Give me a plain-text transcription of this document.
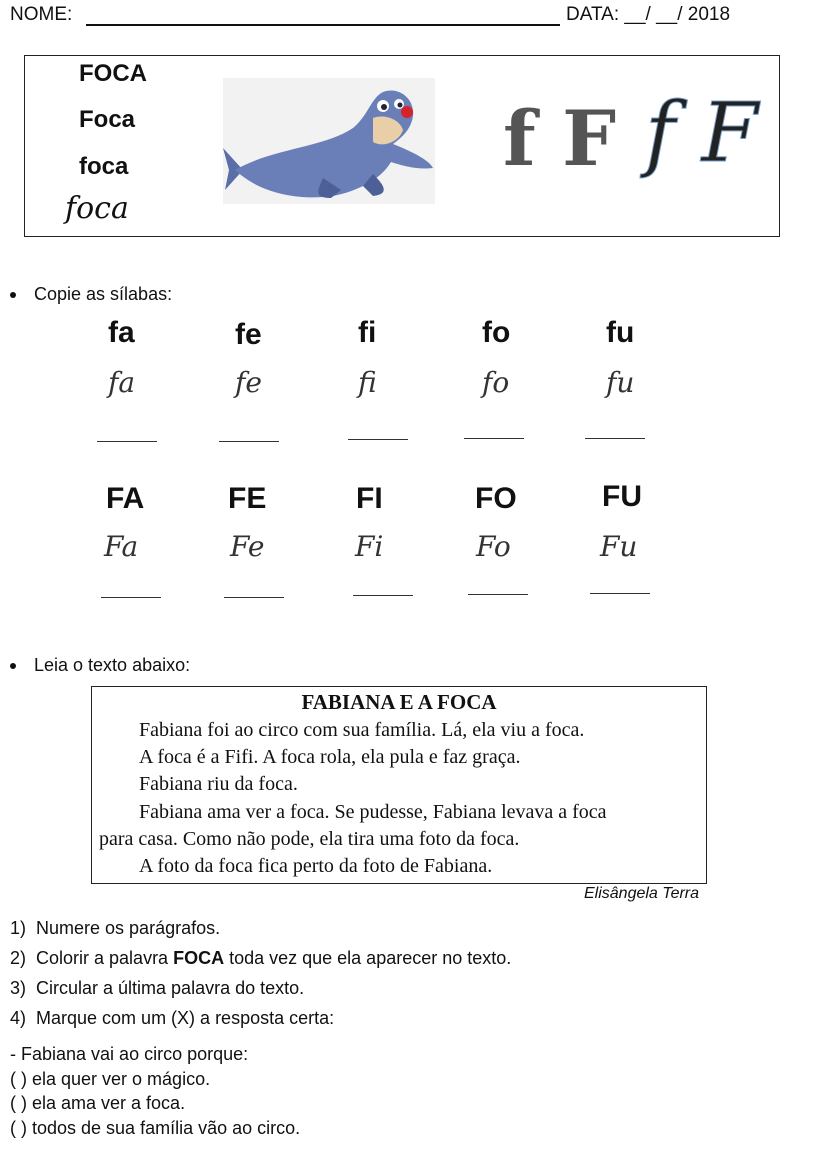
NOME:	DATA: __/ __/ 2018
FOCA
Foca
foca
foca
f F f F
Copie as sílabas:
fa	fe	fi	fo	fu
fa	fe	fi	fo	fu
FA	FE	FI	FO	FU
Fa	Fe	Fi	Fo	Fu
Leia o texto abaixo:
FABIANA E A FOCA
Fabiana foi ao circo com sua família. Lá, ela viu a foca.
A foca é a Fifi. A foca rola, ela pula e faz graça.
Fabiana riu da foca.
Fabiana ama ver a foca. Se pudesse, Fabiana levava a foca
para casa. Como não pode, ela tira uma foto da foca.
A foto da foca fica perto da foto de Fabiana.
Elisângela Terra
1)  Numere os parágrafos.
2)  Colorir a palavra FOCA toda vez que ela aparecer no texto.
3)  Circular a última palavra do texto.
4)  Marque com um (X) a resposta certa:
- Fabiana vai ao circo porque:
( ) ela quer ver o mágico.
( ) ela ama ver a foca.
( ) todos de sua família vão ao circo.
